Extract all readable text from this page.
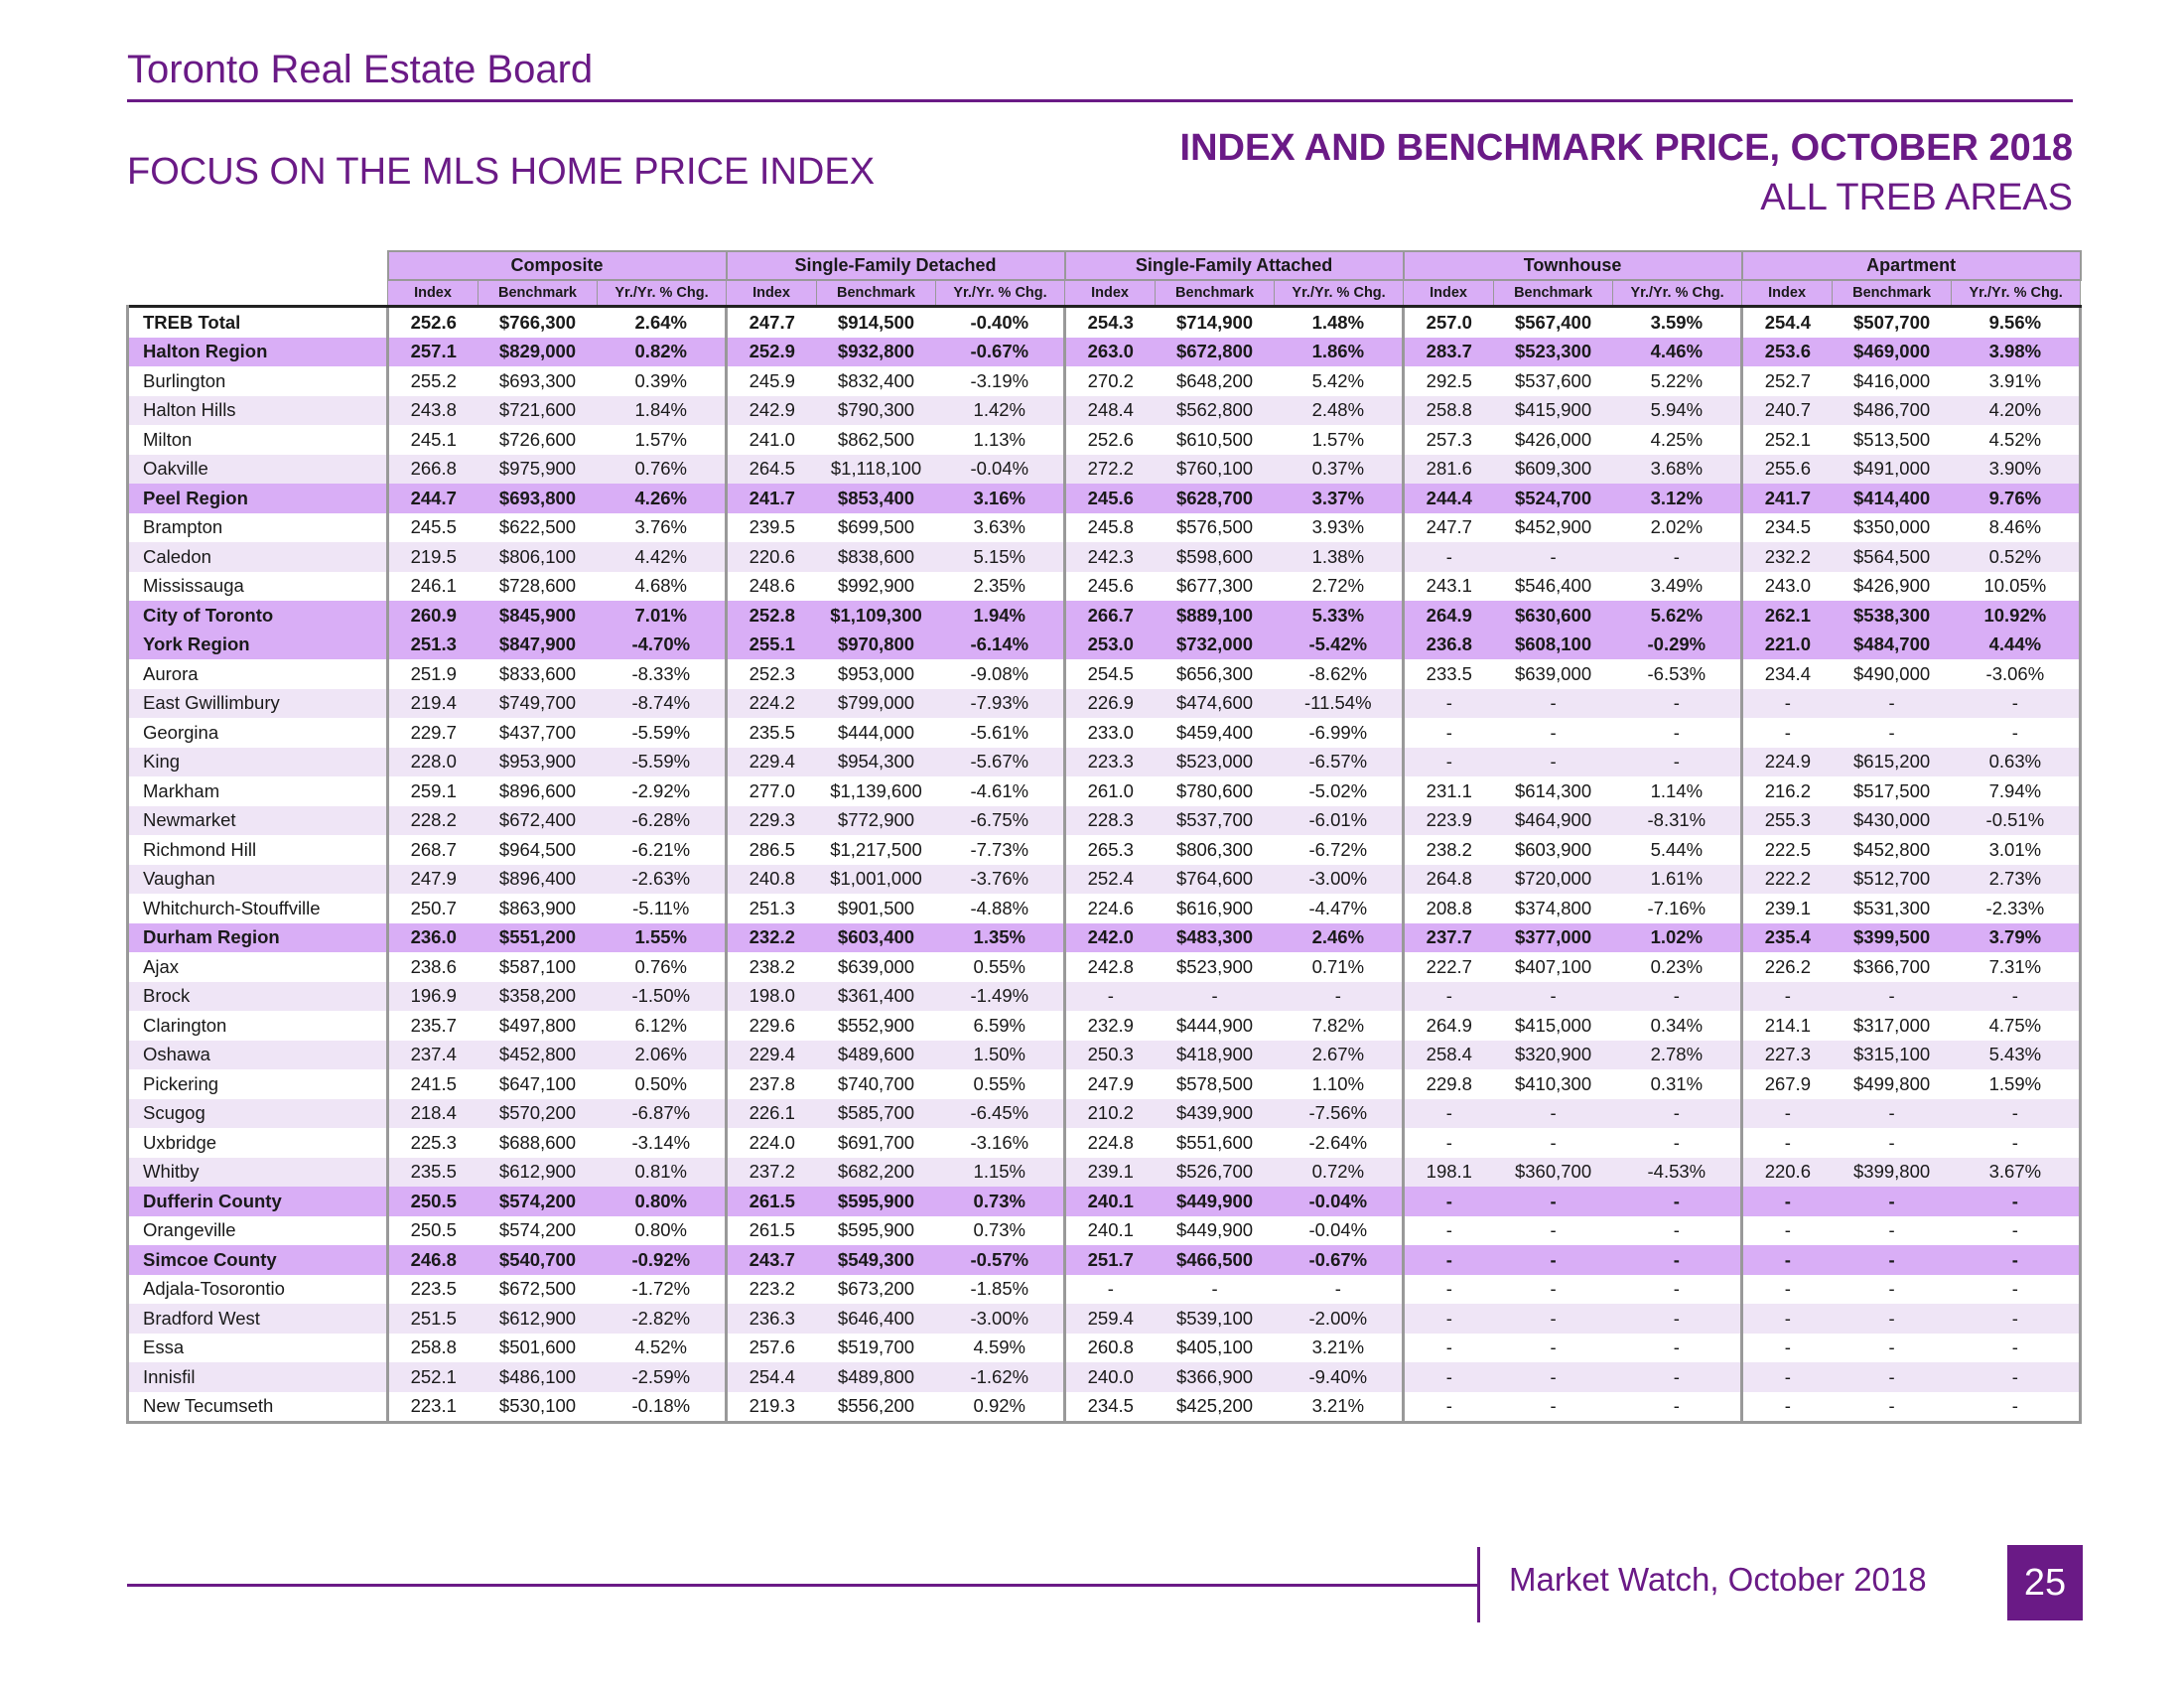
Toronto Real Estate Board
FOCUS ON THE MLS HOME PRICE INDEX
INDEX AND BENCHMARK PRICE, OCTOBER 2018
ALL TREB AREAS
	Composite			Single-Family Detached			Single-Family Attached			Townhouse			Apartment		
	Index	Benchmark	Yr./Yr. % Chg.	Index	Benchmark	Yr./Yr. % Chg.	Index	Benchmark	Yr./Yr. % Chg.	Index	Benchmark	Yr./Yr. % Chg.	Index	Benchmark	Yr./Yr. % Chg.
TREB Total	252.6	$766,300	2.64%	247.7	$914,500	-0.40%	254.3	$714,900	1.48%	257.0	$567,400	3.59%	254.4	$507,700	9.56%
Halton Region	257.1	$829,000	0.82%	252.9	$932,800	-0.67%	263.0	$672,800	1.86%	283.7	$523,300	4.46%	253.6	$469,000	3.98%
Burlington	255.2	$693,300	0.39%	245.9	$832,400	-3.19%	270.2	$648,200	5.42%	292.5	$537,600	5.22%	252.7	$416,000	3.91%
Halton Hills	243.8	$721,600	1.84%	242.9	$790,300	1.42%	248.4	$562,800	2.48%	258.8	$415,900	5.94%	240.7	$486,700	4.20%
Milton	245.1	$726,600	1.57%	241.0	$862,500	1.13%	252.6	$610,500	1.57%	257.3	$426,000	4.25%	252.1	$513,500	4.52%
Oakville	266.8	$975,900	0.76%	264.5	$1,118,100	-0.04%	272.2	$760,100	0.37%	281.6	$609,300	3.68%	255.6	$491,000	3.90%
Peel Region	244.7	$693,800	4.26%	241.7	$853,400	3.16%	245.6	$628,700	3.37%	244.4	$524,700	3.12%	241.7	$414,400	9.76%
Brampton	245.5	$622,500	3.76%	239.5	$699,500	3.63%	245.8	$576,500	3.93%	247.7	$452,900	2.02%	234.5	$350,000	8.46%
Caledon	219.5	$806,100	4.42%	220.6	$838,600	5.15%	242.3	$598,600	1.38%	-	-	-	232.2	$564,500	0.52%
Mississauga	246.1	$728,600	4.68%	248.6	$992,900	2.35%	245.6	$677,300	2.72%	243.1	$546,400	3.49%	243.0	$426,900	10.05%
City of Toronto	260.9	$845,900	7.01%	252.8	$1,109,300	1.94%	266.7	$889,100	5.33%	264.9	$630,600	5.62%	262.1	$538,300	10.92%
York Region	251.3	$847,900	-4.70%	255.1	$970,800	-6.14%	253.0	$732,000	-5.42%	236.8	$608,100	-0.29%	221.0	$484,700	4.44%
Aurora	251.9	$833,600	-8.33%	252.3	$953,000	-9.08%	254.5	$656,300	-8.62%	233.5	$639,000	-6.53%	234.4	$490,000	-3.06%
East Gwillimbury	219.4	$749,700	-8.74%	224.2	$799,000	-7.93%	226.9	$474,600	-11.54%	-	-	-	-	-	-
Georgina	229.7	$437,700	-5.59%	235.5	$444,000	-5.61%	233.0	$459,400	-6.99%	-	-	-	-	-	-
King	228.0	$953,900	-5.59%	229.4	$954,300	-5.67%	223.3	$523,000	-6.57%	-	-	-	224.9	$615,200	0.63%
Markham	259.1	$896,600	-2.92%	277.0	$1,139,600	-4.61%	261.0	$780,600	-5.02%	231.1	$614,300	1.14%	216.2	$517,500	7.94%
Newmarket	228.2	$672,400	-6.28%	229.3	$772,900	-6.75%	228.3	$537,700	-6.01%	223.9	$464,900	-8.31%	255.3	$430,000	-0.51%
Richmond Hill	268.7	$964,500	-6.21%	286.5	$1,217,500	-7.73%	265.3	$806,300	-6.72%	238.2	$603,900	5.44%	222.5	$452,800	3.01%
Vaughan	247.9	$896,400	-2.63%	240.8	$1,001,000	-3.76%	252.4	$764,600	-3.00%	264.8	$720,000	1.61%	222.2	$512,700	2.73%
Whitchurch-Stouffville	250.7	$863,900	-5.11%	251.3	$901,500	-4.88%	224.6	$616,900	-4.47%	208.8	$374,800	-7.16%	239.1	$531,300	-2.33%
Durham Region	236.0	$551,200	1.55%	232.2	$603,400	1.35%	242.0	$483,300	2.46%	237.7	$377,000	1.02%	235.4	$399,500	3.79%
Ajax	238.6	$587,100	0.76%	238.2	$639,000	0.55%	242.8	$523,900	0.71%	222.7	$407,100	0.23%	226.2	$366,700	7.31%
Brock	196.9	$358,200	-1.50%	198.0	$361,400	-1.49%	-	-	-	-	-	-	-	-	-
Clarington	235.7	$497,800	6.12%	229.6	$552,900	6.59%	232.9	$444,900	7.82%	264.9	$415,000	0.34%	214.1	$317,000	4.75%
Oshawa	237.4	$452,800	2.06%	229.4	$489,600	1.50%	250.3	$418,900	2.67%	258.4	$320,900	2.78%	227.3	$315,100	5.43%
Pickering	241.5	$647,100	0.50%	237.8	$740,700	0.55%	247.9	$578,500	1.10%	229.8	$410,300	0.31%	267.9	$499,800	1.59%
Scugog	218.4	$570,200	-6.87%	226.1	$585,700	-6.45%	210.2	$439,900	-7.56%	-	-	-	-	-	-
Uxbridge	225.3	$688,600	-3.14%	224.0	$691,700	-3.16%	224.8	$551,600	-2.64%	-	-	-	-	-	-
Whitby	235.5	$612,900	0.81%	237.2	$682,200	1.15%	239.1	$526,700	0.72%	198.1	$360,700	-4.53%	220.6	$399,800	3.67%
Dufferin County	250.5	$574,200	0.80%	261.5	$595,900	0.73%	240.1	$449,900	-0.04%	-	-	-	-	-	-
Orangeville	250.5	$574,200	0.80%	261.5	$595,900	0.73%	240.1	$449,900	-0.04%	-	-	-	-	-	-
Simcoe County	246.8	$540,700	-0.92%	243.7	$549,300	-0.57%	251.7	$466,500	-0.67%	-	-	-	-	-	-
Adjala-Tosorontio	223.5	$672,500	-1.72%	223.2	$673,200	-1.85%	-	-	-	-	-	-	-	-	-
Bradford West	251.5	$612,900	-2.82%	236.3	$646,400	-3.00%	259.4	$539,100	-2.00%	-	-	-	-	-	-
Essa	258.8	$501,600	4.52%	257.6	$519,700	4.59%	260.8	$405,100	3.21%	-	-	-	-	-	-
Innisfil	252.1	$486,100	-2.59%	254.4	$489,800	-1.62%	240.0	$366,900	-9.40%	-	-	-	-	-	-
New Tecumseth	223.1	$530,100	-0.18%	219.3	$556,200	0.92%	234.5	$425,200	3.21%	-	-	-	-	-	-
Market Watch, October 2018	25
